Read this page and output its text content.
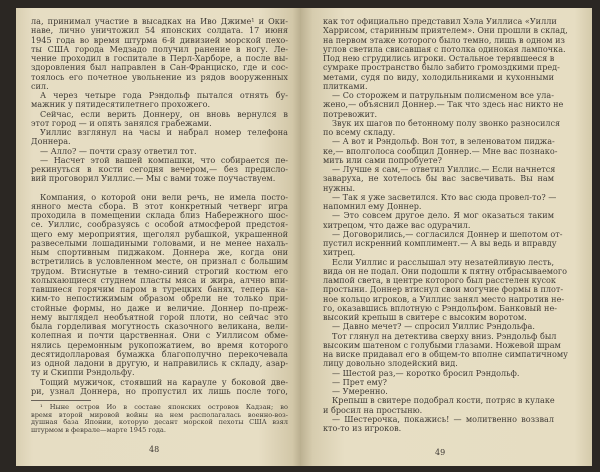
ла, принимал участие в высадках на Иво Джиме¹ и Оки-
наве, лично уничтожил 54 японских солдата. 17 июня
1945 года во время штурма 6-й дивизией морской пехо-
ты США города Медзадо получил ранение в ногу. Ле-
чение проходил в госпитале в Перл-Харборе, а после вы-
здоровления был направлен в Сан-Франциско, где и сос-
тоялось его почетное увольнение из рядов вооруженных
сил.
А через четыре года Рэндольф пытался отнять бу-
мажник у пятидесятилетнего прохожего.
Сейчас, если верить Доннеру, он вновь вернулся в
этот город — и опять занялся грабежами.
Уиллис взглянул на часы и набрал номер телефона
Доннера.
— Алло? — почти сразу ответил тот.
— Насчет этой вашей компашки, что собирается пе-
рекинуться в кости сегодня вечером,— без предисло-
вий проговорил Уиллис.— Мы с вами тоже поучаствуем.
Компания, о которой они вели речь, не имела посто-
янного места сбора. В этот конкретный четверг игра
проходила в помещении склада близ Набережного шос-
се. Уиллис, сообразуясь с особой атмосферой предстоя-
щего ему мероприятия, щеголял рубашкой, украшенной
развеселыми лошадиными головами, и не менее нахаль-
ным спортивным пиджаком. Доннера же, когда они
встретились в условленном месте, он признал с большим
трудом. Втиснутые в темно-синий строгий костюм его
колыхающиеся студнем пласты мяса и жира, алчно впи-
тавшиеся горячим паром в турецких банях, теперь ка-
ким-то непостижимым образом обрели не только при-
стойные формы, но даже и величие. Доннер по-преж-
нему выглядел необъятной горой плоти, но сейчас это
была горделивая могутность сказочного великана, вели-
колепная и почти царственная. Они с Уиллисом обме-
нялись церемонным рукопожатием, во время которого
десятидолларовая бумажка благополучно перекочевала
из одной ладони в другую, и направились к складу, азар-
ту и Скиппи Рэндольфу.
Тощий мужичок, стоявший на карауле у боковой две-
ри, узнал Доннера, но пропустил их лишь после того,
¹ Ныне остров Ио в составе японских островов Кадзан; во
время второй мировой войны на нем располагалась военно-воз-
душная база Японии, которую десант морской пехоты США взял
штурмом в феврале—марте 1945 года.
48
как тот официально представил Хэла Уиллиса «Уилли
Харрисом, старинным приятелем». Они прошли в склад,
на первом этаже которого было темно, лишь в одном из
углов светила свисавшая с потолка одинокая лампочка.
Под нею сгрудились игроки. Остальное терявшееся в
сумраке пространство было забито громоздкими пред-
метами, судя по виду, холодильниками и кухонными
плитками.
— Со сторожем и патрульным полисменом все ула-
жено,— объяснил Доннер.— Так что здесь нас никто не
потревожит.
Звук их шагов по бетонному полу звонко разносился
по всему складу.
— А вот и Рэндольф. Вон тот, в зеленоватом пиджа-
ке,— вполголоса сообщил Доннер.— Мне вас познако-
мить или сами попробуете?
— Лучше я сам,— ответил Уиллис.— Если начнется
заваруха, не хотелось бы вас засвечивать. Вы нам
нужны.
— Так я уже засветился. Кто вас сюда провел-то? —
напомнил ему Доннер.
— Это совсем другое дело. Я мог оказаться таким
хитрецом, что даже вас одурачил.
— Договорились,— согласился Доннер и шепотом от-
пустил искренний комплимент.— А вы ведь и вправду
хитрец.
Если Уиллис и расслышал эту незатейливую лесть,
вида он не подал. Они подошли к пятну отбрасываемого
лампой света, в центре которого был расстелен кусок
простыни. Доннер втиснул свои могучие формы в плот-
ное кольцо игроков, а Уиллис занял место напротив не-
го, оказавшись вплотную с Рэндольфом. Банковый не-
высокий крепыш в свитере с высоким воротом.
— Давно мечет? — спросил Уиллис Рэндольфа.
Тот глянул на детектива сверху вниз. Рэндольф был
высоким шатеном с голубыми глазами. Ножевой шрам
на виске придавал его в общем-то вполне симпатичному
лицу довольно злодейский вид.
— Шестой раз,— коротко бросил Рэндольф.
— Прет ему?
— Умеренно.
Крепыш в свитере подобрал кости, потряс в кулаке
и бросил на простыню.
— Шестерочка, покажись! — молитвенно воззвал
кто-то из игроков.
49
